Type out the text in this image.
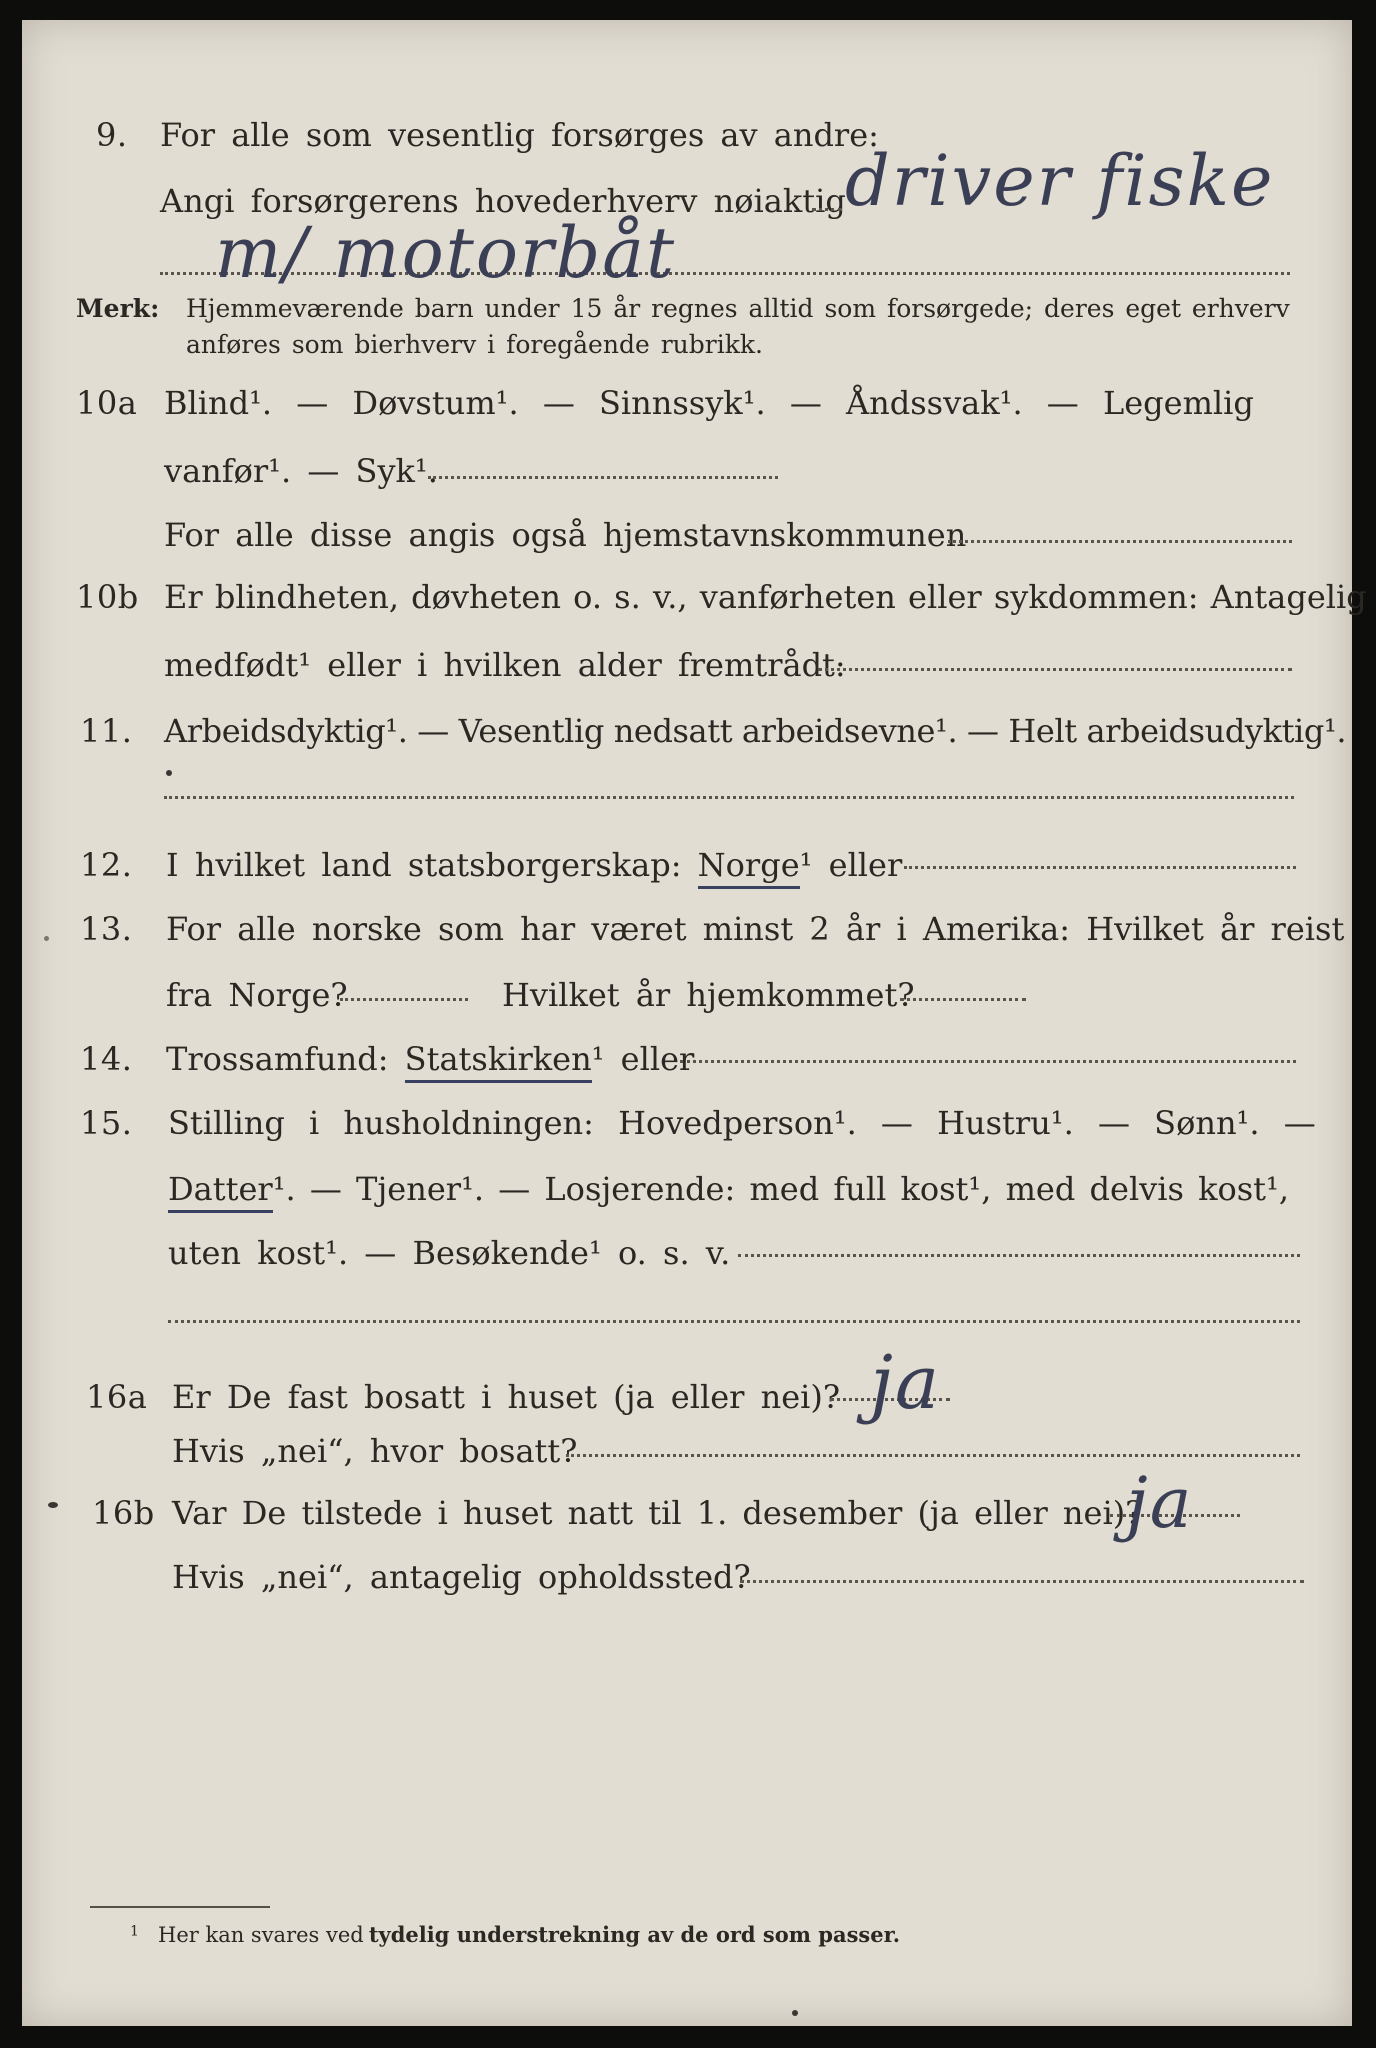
9. For alle som vesentlig forsørges av andre:
Angi forsørgerens hovederhverv nøiaktig driver fiske
m/ motorbåt
Merk: Hjemmeværende barn under 15 år regnes alltid som forsørgede; deres eget erhverv
anføres som bierhverv i foregående rubrikk.
10a Blind¹. — Døvstum¹. — Sinnssyk¹. — Åndssvak¹. — Legemlig
vanfør¹. — Syk¹.
For alle disse angis også hjemstavnskommunen
10b Er blindheten, døvheten o. s. v., vanførheten eller sykdommen: Antagelig
medfødt¹ eller i hvilken alder fremtrådt:
11. Arbeidsdyktig¹. — Vesentlig nedsatt arbeidsevne¹. — Helt arbeidsudyktig¹.
12. I hvilket land statsborgerskap: Norge¹ eller
13. For alle norske som har været minst 2 år i Amerika: Hvilket år reist
fra Norge?	Hvilket år hjemkommet?
14. Trossamfund: Statskirken¹ eller
15. Stilling i husholdningen: Hovedperson¹. — Hustru¹. — Sønn¹. —
Datter¹. — Tjener¹. — Losjerende: med full kost¹, med delvis kost¹,
uten kost¹. — Besøkende¹ o. s. v.
16a Er De fast bosatt i huset (ja eller nei)? ja
Hvis „nei“, hvor bosatt?
16b Var De tilstede i huset natt til 1. desember (ja eller nei)?
ja
Hvis „nei“, antagelig opholdssted?
1 Her kan svares ved tydelig understrekning av de ord som passer.
